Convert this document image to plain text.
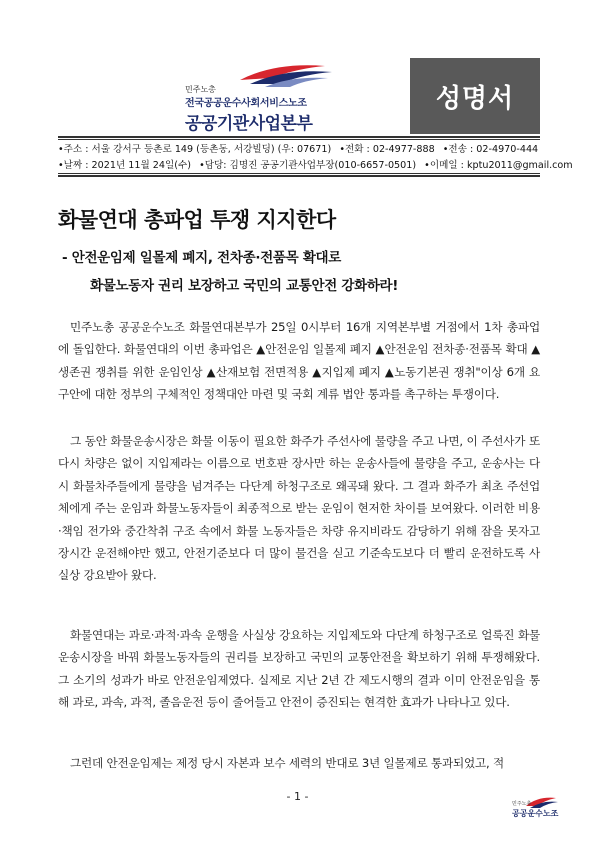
민주노총
전국공공운수사회서비스노조
공공기관사업본부
성명서
•주소 : 서울 강서구 등촌로 149 (등촌동, 서강빌딩) (우: 07671) •전화 : 02-4977-888 •전송 : 02-4970-444
•날짜 : 2021년 11월 24일(수) •담당: 김명진 공공기관사업부장(010-6657-0501) •이메일 : kptu2011@gmail.com
화물연대 총파업 투쟁 지지한다
- 안전운임제 일몰제 폐지, 전차종·전품목 확대로
화물노동자 권리 보장하고 국민의 교통안전 강화하라!

민주노총 공공운수노조 화물연대본부가 25일 0시부터 16개 지역본부별 거점에서 1차 총파업에 돌입한다. 화물연대의 이번 총파업은 ▲안전운임 일몰제 폐지 ▲안전운임 전차종·전품목 확대 ▲생존권 쟁취를 위한 운임인상 ▲산재보험 전면적용 ▲지입제 폐지 ▲노동기본권 쟁취"이상 6개 요구안에 대한 정부의 구체적인 정책대안 마련 및 국회 계류 법안 통과를 촉구하는 투쟁이다.

그 동안 화물운송시장은 화물 이동이 필요한 화주가 주선사에 물량을 주고 나면, 이 주선사가 또 다시 차량은 없이 지입제라는 이름으로 번호판 장사만 하는 운송사들에 물량을 주고, 운송사는 다시 화물차주들에게 물량을 넘겨주는 다단계 하청구조로 왜곡돼 왔다. 그 결과 화주가 최초 주선업체에게 주는 운임과 화물노동자들이 최종적으로 받는 운임이 현저한 차이를 보여왔다. 이러한 비용·책임 전가와 중간착취 구조 속에서 화물 노동자들은 차량 유지비라도 감당하기 위해 잠을 못자고 장시간 운전해야만 했고, 안전기준보다 더 많이 물건을 싣고 기준속도보다 더 빨리 운전하도록 사실상 강요받아 왔다.

화물연대는 과로·과적·과속 운행을 사실상 강요하는 지입제도와 다단계 하청구조로 얼룩진 화물운송시장을 바꿔 화물노동자들의 권리를 보장하고 국민의 교통안전을 확보하기 위해 투쟁해왔다. 그 소기의 성과가 바로 안전운임제였다. 실제로 지난 2년 간 제도시행의 결과 이미 안전운임을 통해 과로, 과속, 과적, 졸음운전 등이 줄어들고 안전이 증진되는 현격한 효과가 나타나고 있다.

그런데 안전운임제는 제정 당시 자본과 보수 세력의 반대로 3년 일몰제로 통과되었고, 적

- 1 -
민주노총
공공운수노조
